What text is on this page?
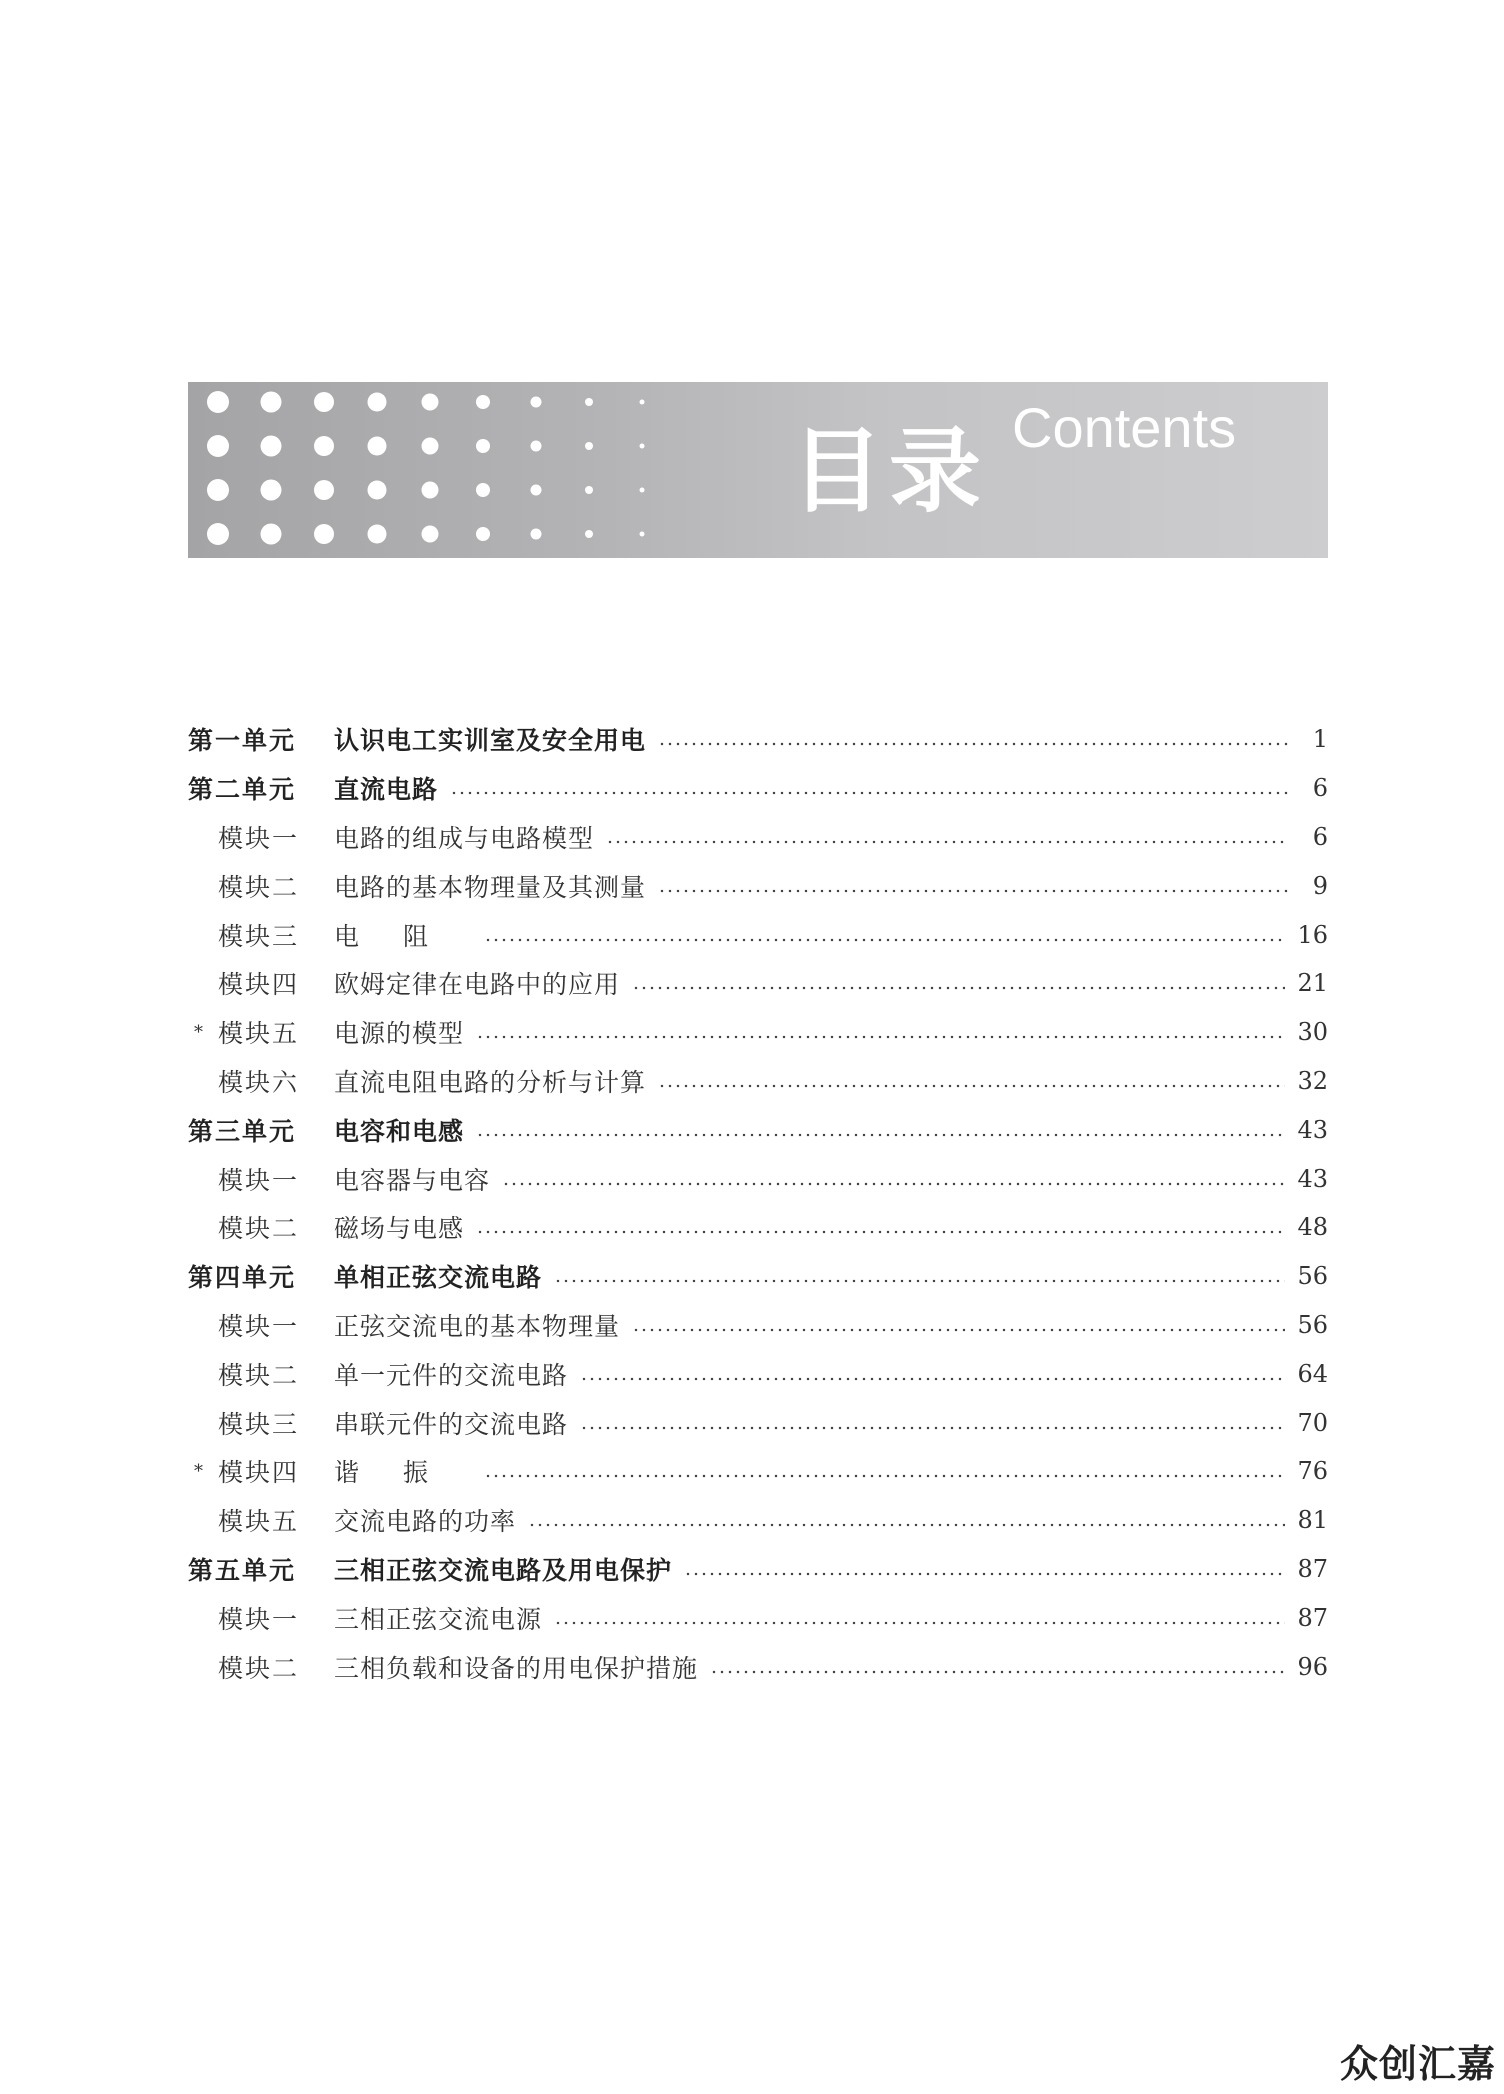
目录 Contents
第一单元	认识电工实训室及安全用电	1
第二单元	直流电路	6
模块一	电路的组成与电路模型	6
模块二	电路的基本物理量及其测量	9
模块三	电阻	16
模块四	欧姆定律在电路中的应用	21
* 模块五	电源的模型	30
模块六	直流电阻电路的分析与计算	32
第三单元	电容和电感	43
模块一	电容器与电容	43
模块二	磁场与电感	48
第四单元	单相正弦交流电路	56
模块一	正弦交流电的基本物理量	56
模块二	单一元件的交流电路	64
模块三	串联元件的交流电路	70
* 模块四	谐振	76
模块五	交流电路的功率	81
第五单元	三相正弦交流电路及用电保护	87
模块一	三相正弦交流电源	87
模块二	三相负载和设备的用电保护措施	96
众创汇嘉
